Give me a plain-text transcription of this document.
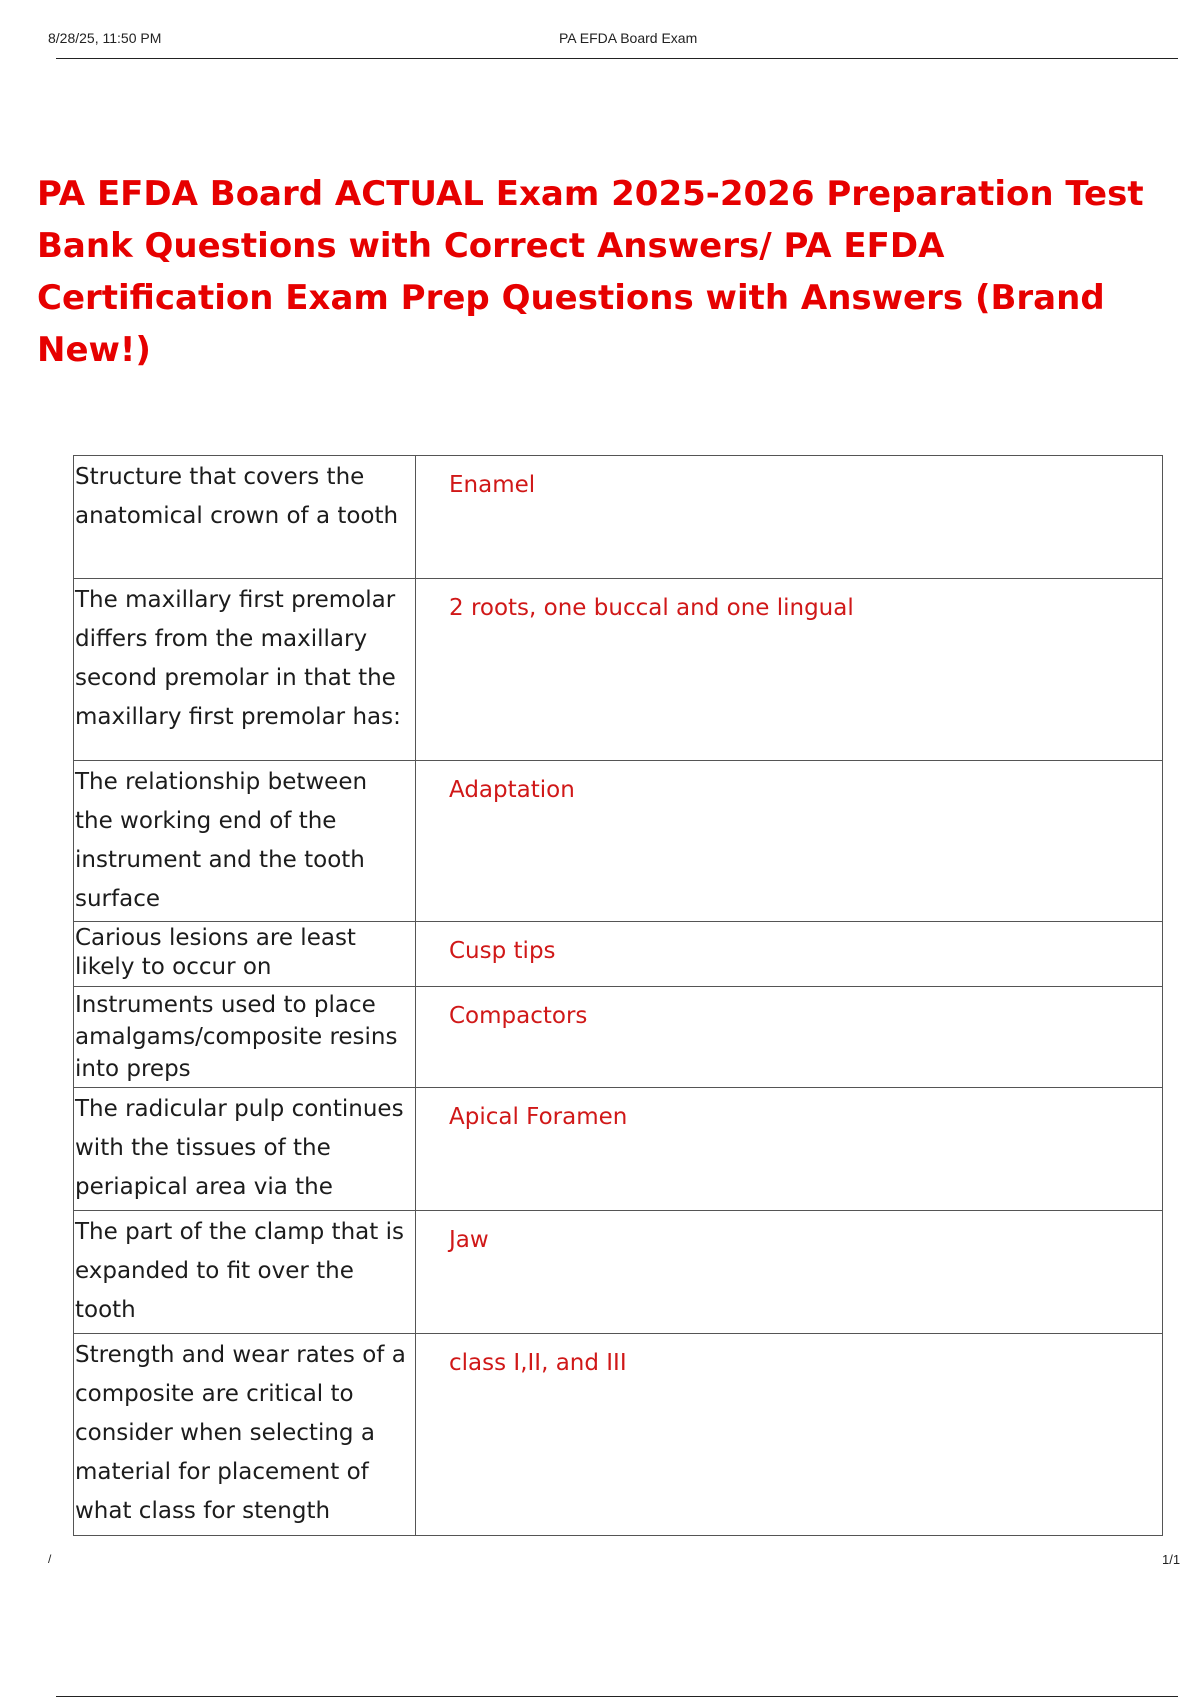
8/28/25, 11:50 PM	PA EFDA Board Exam
PA EFDA Board ACTUAL Exam 2025-2026 Preparation Test Bank Questions with Correct Answers/ PA EFDA Certification Exam Prep Questions with Answers (Brand New!)
Structure that covers the anatomical crown of a tooth	Enamel
The maxillary first premolar differs from the maxillary second premolar in that the maxillary first premolar has:	2 roots, one buccal and one lingual
The relationship between the working end of the instrument and the tooth surface	Adaptation
Carious lesions are least likely to occur on	Cusp tips
Instruments used to place amalgams/composite resins into preps	Compactors
The radicular pulp continues with the tissues of the periapical area via the	Apical Foramen
The part of the clamp that is expanded to fit over the tooth	Jaw
Strength and wear rates of a composite are critical to consider when selecting a material for placement of what class for stength	class I,II, and III
/	1/1
